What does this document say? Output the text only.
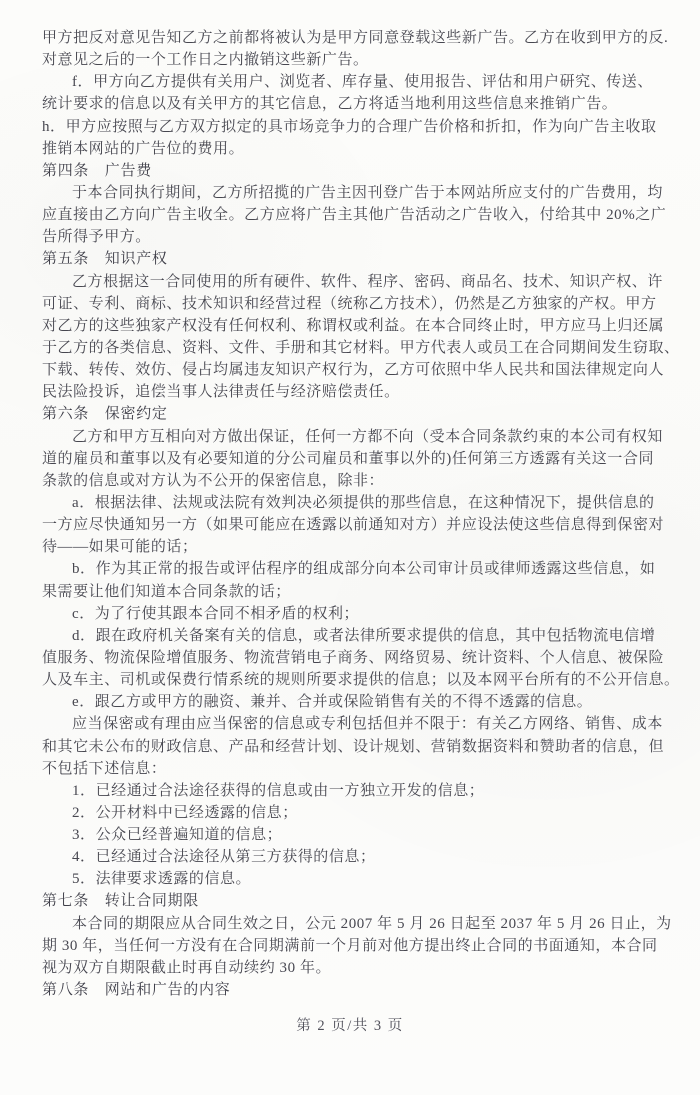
甲方把反对意见告知乙方之前都将被认为是甲方同意登载这些新广告。乙方在收到甲方的反.
对意见之后的一个工作日之内撤销这些新广告。
f．甲方向乙方提供有关用户、浏览者、库存量、使用报告、评估和用户研究、传送、
统计要求的信息以及有关甲方的其它信息，乙方将适当地利用这些信息来推销广告。
h．甲方应按照与乙方双方拟定的具市场竞争力的合理广告价格和折扣，作为向广告主收取
推销本网站的广告位的费用。
第四条　广告费
于本合同执行期间，乙方所招揽的广告主因刊登广告于本网站所应支付的广告费用，均
应直接由乙方向广告主收全。乙方应将广告主其他广告活动之广告收入，付给其中 20%之广
告所得予甲方。
第五条　知识产权
乙方根据这一合同使用的所有硬件、软件、程序、密码、商品名、技术、知识产权、许
可证、专利、商标、技术知识和经营过程（统称乙方技术），仍然是乙方独家的产权。甲方
对乙方的这些独家产权没有任何权利、称谓权或利益。在本合同终止时，甲方应马上归还属
于乙方的各类信息、资料、文件、手册和其它材料。甲方代表人或员工在合同期间发生窃取、
下载、转传、效仿、侵占均属违友知识产权行为，乙方可依照中华人民共和国法律规定向人
民法险投诉，追偿当事人法律责任与经济赔偿责任。
第六条　保密约定
乙方和甲方互相向对方做出保证，任何一方都不向（受本合同条款约束的本公司有权知
道的雇员和董事以及有必要知道的分公司雇员和董事以外的)任何第三方透露有关这一合同
条款的信息或对方认为不公开的保密信息，除非：
a．根据法律、法规或法院有效判决必须提供的那些信息，在这种情况下，提供信息的
一方应尽快通知另一方（如果可能应在透露以前通知对方）并应设法使这些信息得到保密对
待——如果可能的话；
b．作为其正常的报告或评估程序的组成部分向本公司审计员或律师透露这些信息，如
果需要让他们知道本合同条款的话；
c．为了行使其跟本合同不相矛盾的权利；
d．跟在政府机关备案有关的信息，或者法律所要求提供的信息，其中包括物流电信增
值服务、物流保险增值服务、物流营销电子商务、网络贸易、统计资料、个人信息、被保险
人及车主、司机或保费行情系统的规则所要求提供的信息；以及本网平台所有的不公开信息。
e．跟乙方或甲方的融资、兼并、合并或保险销售有关的不得不透露的信息。
应当保密或有理由应当保密的信息或专利包括但并不限于：有关乙方网络、销售、成本
和其它未公布的财政信息、产品和经营计划、设计规划、营销数据资料和赞助者的信息，但
不包括下述信息：
1．已经通过合法途径获得的信息或由一方独立开发的信息；
2．公开材料中已经透露的信息；
3．公众已经普遍知道的信息；
4．已经通过合法途径从第三方获得的信息；
5．法律要求透露的信息。
第七条　转让合同期限
本合同的期限应从合同生效之日，公元 2007 年 5 月 26 日起至 2037 年 5 月 26 日止，为
期 30 年，当任何一方没有在合同期满前一个月前对他方提出终止合同的书面通知，本合同
视为双方自期限截止时再自动续约 30 年。
第八条　网站和广告的内容
第 2 页/共 3 页
